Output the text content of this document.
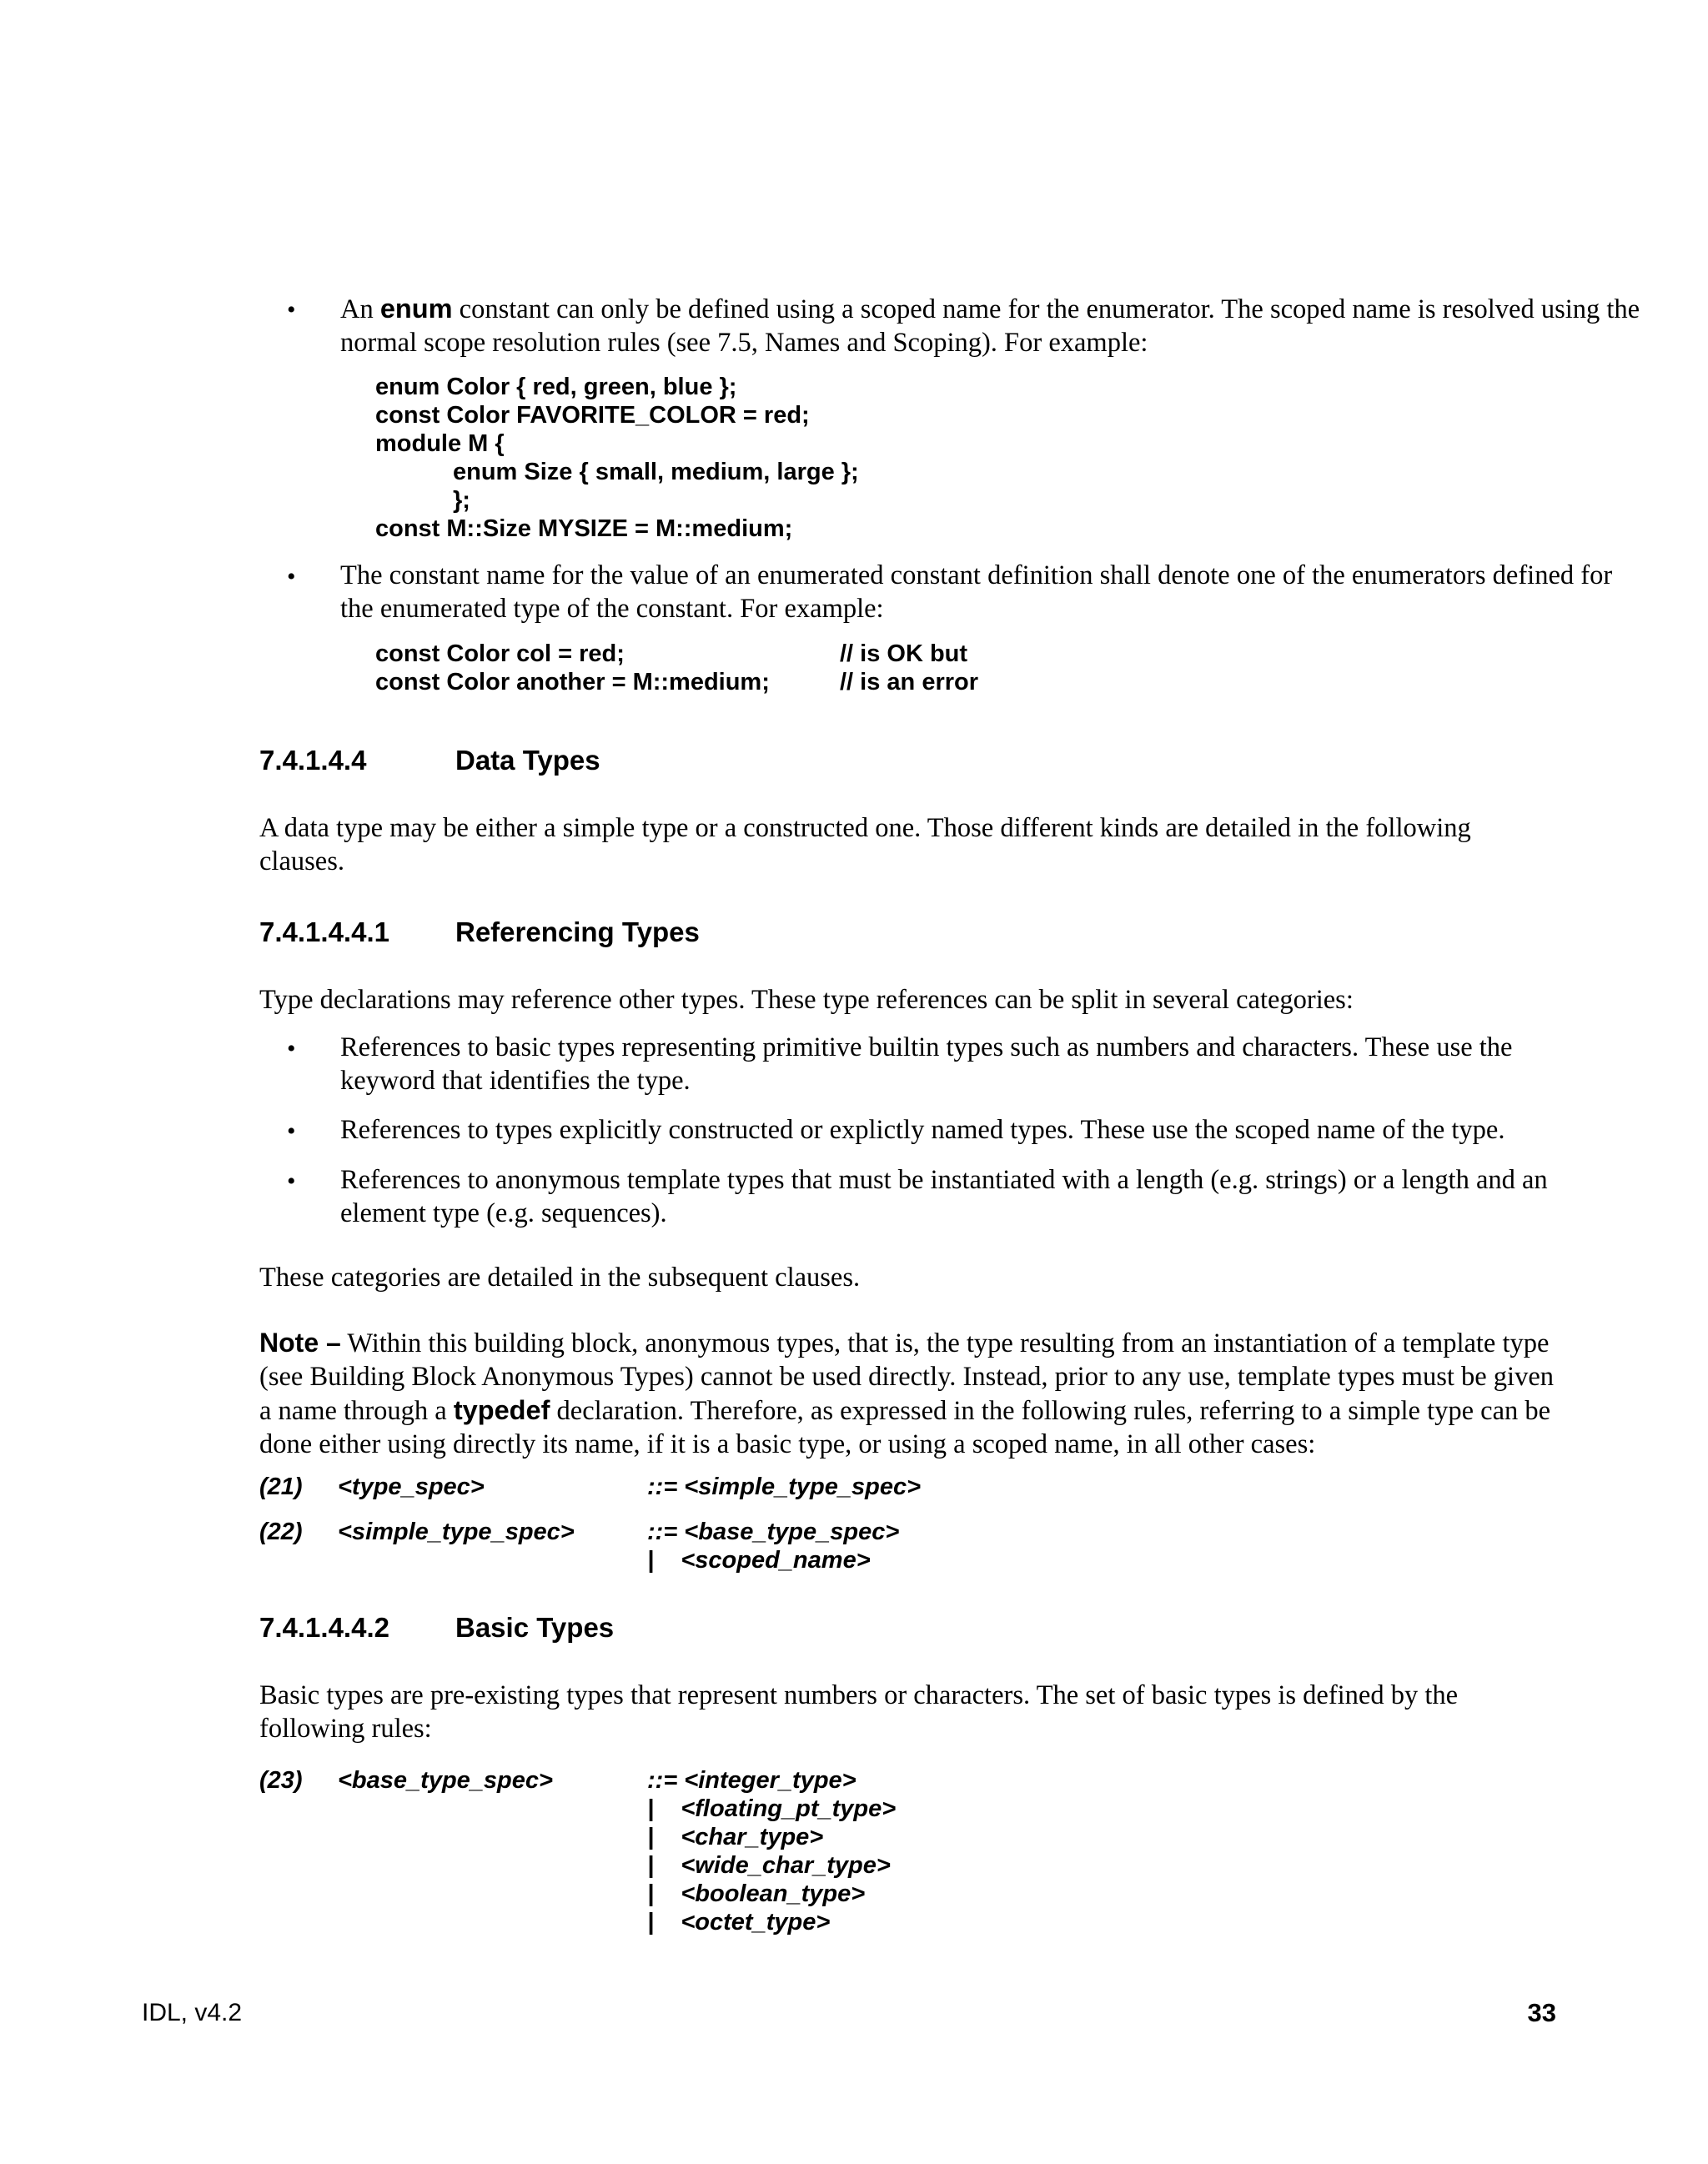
• An enum constant can only be defined using a scoped name for the enumerator. The scoped name is resolved using the normal scope resolution rules (see 7.5, Names and Scoping). For example:
enum Color { red, green, blue };
const Color FAVORITE_COLOR = red;
module M {
enum Size { small, medium, large };
};
const M::Size MYSIZE = M::medium;
• The constant name for the value of an enumerated constant definition shall denote one of the enumerators defined for the enumerated type of the constant. For example:
const Color col = red;	// is OK but
const Color another = M::medium;	// is an error
7.4.1.4.4	Data Types
A data type may be either a simple type or a constructed one. Those different kinds are detailed in the following clauses.
7.4.1.4.4.1 Referencing Types
Type declarations may reference other types. These type references can be split in several categories:
• References to basic types representing primitive builtin types such as numbers and characters. These use the keyword that identifies the type.
• References to types explicitly constructed or explictly named types. These use the scoped name of the type.
• References to anonymous template types that must be instantiated with a length (e.g. strings) or a length and an element type (e.g. sequences).
These categories are detailed in the subsequent clauses.
Note – Within this building block, anonymous types, that is, the type resulting from an instantiation of a template type (see Building Block Anonymous Types) cannot be used directly. Instead, prior to any use, template types must be given a name through a typedef declaration. Therefore, as expressed in the following rules, referring to a simple type can be done either using directly its name, if it is a basic type, or using a scoped name, in all other cases:
(21) <type_spec>	::= <simple_type_spec>
(22) <simple_type_spec>	::= <base_type_spec>
|    <scoped_name>
7.4.1.4.4.2 Basic Types
Basic types are pre-existing types that represent numbers or characters. The set of basic types is defined by the following rules:
(23) <base_type_spec>	::= <integer_type>
|    <floating_pt_type>
|    <char_type>
|    <wide_char_type>
|    <boolean_type>
|    <octet_type>
IDL, v4.2	33
